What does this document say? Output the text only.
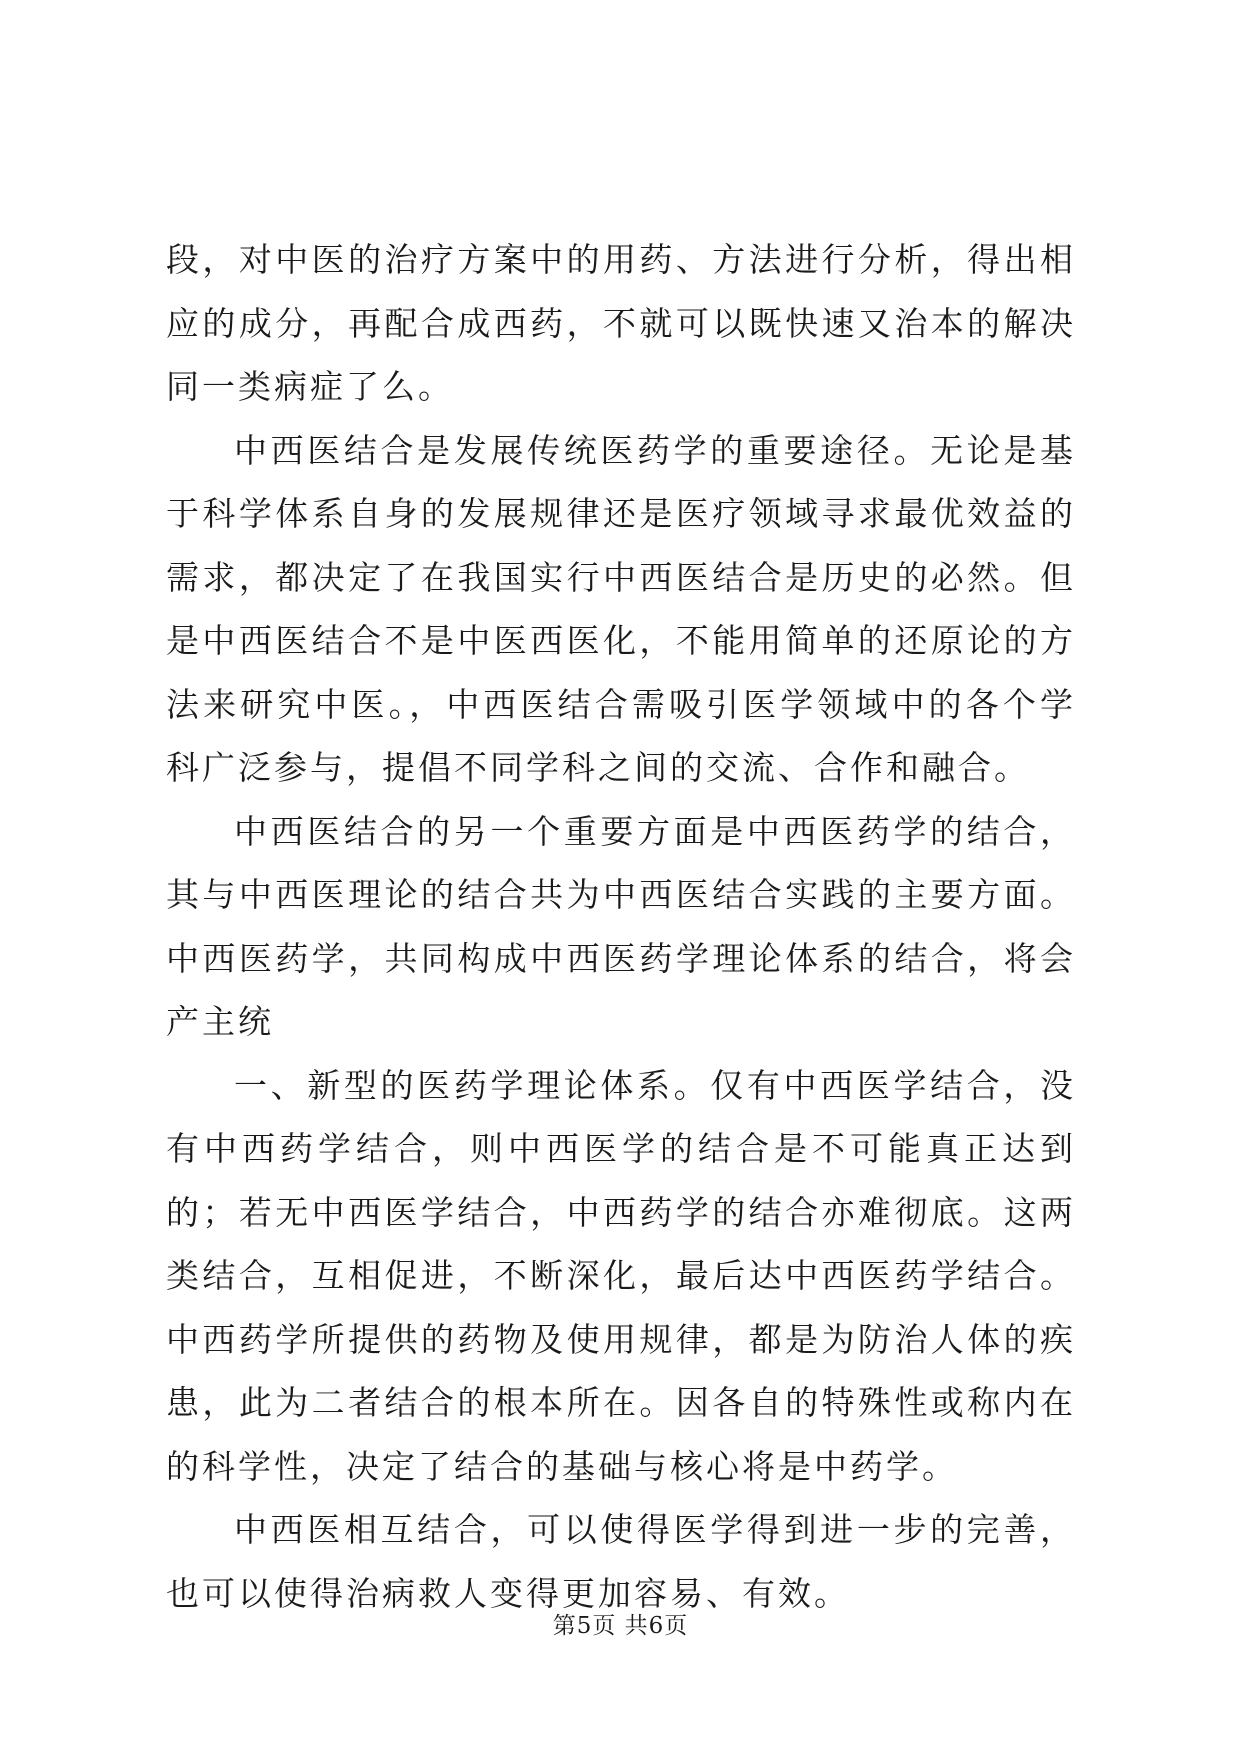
段，对中医的治疗方案中的用药、方法进行分析，得出相应的成分，再配合成西药，不就可以既快速又治本的解决同一类病症了么。

中西医结合是发展传统医药学的重要途径。无论是基于科学体系自身的发展规律还是医疗领域寻求最优效益的需求，都决定了在我国实行中西医结合是历史的必然。但是中西医结合不是中医西医化，不能用简单的还原论的方法来研究中医。，中西医结合需吸引医学领域中的各个学科广泛参与，提倡不同学科之间的交流、合作和融合。

中西医结合的另一个重要方面是中西医药学的结合，其与中西医理论的结合共为中西医结合实践的主要方面。中西医药学，共同构成中西医药学理论体系的结合，将会产主统

一、新型的医药学理论体系。仅有中西医学结合，没有中西药学结合，则中西医学的结合是不可能真正达到的；若无中西医学结合，中西药学的结合亦难彻底。这两类结合，互相促进，不断深化，最后达中西医药学结合。中西药学所提供的药物及使用规律，都是为防治人体的疾患，此为二者结合的根本所在。因各自的特殊性或称内在的科学性，决定了结合的基础与核心将是中药学。

中西医相互结合，可以使得医学得到进一步的完善，也可以使得治病救人变得更加容易、有效。

第5页 共6页
